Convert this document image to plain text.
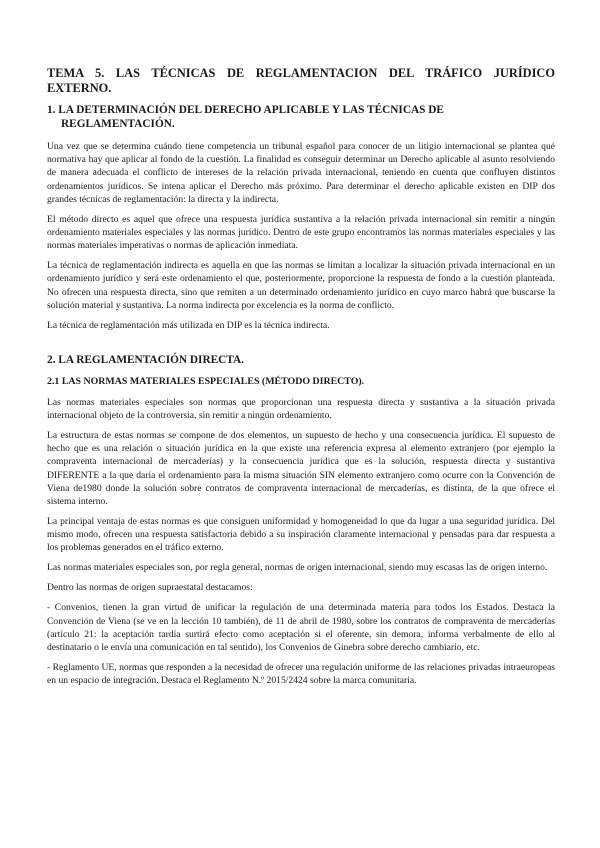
TEMA 5. LAS TÉCNICAS DE REGLAMENTACION DEL TRÁFICO JURÍDICO EXTERNO.
1. LA DETERMINACIÓN DEL DERECHO APLICABLE Y LAS TÉCNICAS DE REGLAMENTACIÓN.

Una vez que se determina cuándo tiene competencia un tribunal español para conocer de un litigio internacional se plantea qué normativa hay que aplicar al fondo de la cuestión. La finalidad es conseguir determinar un Derecho aplicable al asunto resolviendo de manera adecuada el conflicto de intereses de la relación privada internacional, teniendo en cuenta que confluyen distintos ordenamientos jurídicos. Se intena aplicar el Derecho más próximo. Para determinar el derecho aplicable existen en DIP dos grandes técnicas de reglamentación: la directa y la indirecta.

El método directo es aquel que ofrece una respuesta jurídica sustantiva a la relación privada internacional sin remitir a ningún ordenamiento materiales especiales y las normas jurídico. Dentro de este grupo encontramos las normas materiales especiales y las normas materiales imperativas o normas de aplicación inmediata.

La técnica de reglamentación indirecta es aquella en que las normas se limitan a localizar la situación privada internacional en un ordenamiento jurídico y será este ordenamiento el que, posteriormente, proporcione la respuesta de fondo a la cuestión planteada. No ofrecen una respuesta directa, sino que remiten a un determinado ordenamiento jurídico en cuyo marco habrá que buscarse la solución material y sustantiva. La norma indirecta por excelencia es la norma de conflicto.

La técnica de reglamentación más utilizada en DIP es la técnica indirecta.

2. LA REGLAMENTACIÓN DIRECTA.
2.1 LAS NORMAS MATERIALES ESPECIALES (MÉTODO DIRECTO).

Las normas materiales especiales son normas que proporcionan una respuesta directa y sustantiva a la situación privada internacional objeto de la controversia, sin remitir a ningún ordenamiento.

La estructura de estas normas se compone de dos elementos, un supuesto de hecho y una consecuencia jurídica. El supuesto de hecho que es una relación o situación jurídica en la que existe una referencia expresa al elemento extranjero (por ejemplo la compraventa internacional de mercaderías) y la consecuencia jurídica que es la solución, respuesta directa y sustantiva DIFERENTE a la que daría el ordenamiento para la misma situación SIN elemento extranjero como ocurre con la Convención de Viena de1980 donde la solución sobre contratos de compraventa internacional de mercaderías, es distinta, de la que ofrece el sistema interno.

La principal ventaja de estas normas es que consiguen uniformidad y homogeneidad lo que da lugar a una seguridad jurídica. Del mismo modo, ofrecen una respuesta satisfactoria debido a su inspiración claramente internacional y pensadas para dar respuesta a los problemas generados en el tráfico externo.

Las normas materiales especiales son, por regla general, normas de origen internacional, siendo muy escasas las de origen interno.

Dentro las normas de origen supraestatal destacamos:

- Convenios, tienen la gran virtud de unificar la regulación de una determinada materia para todos los Estados. Destaca la Convención de Viena (se ve en la lección 10 también), de 11 de abril de 1980, sobre los contratos de compraventa de mercaderías (artículo 21: la aceptación tardía surtirá efecto como aceptación si el oferente, sin demora, informa verbalmente de ello al destinatario o le envía una comunicación en tal sentido), los Convenios de Ginebra sobre derecho cambiario, etc.

- Reglamento UE, normas que responden a la necesidad de ofrecer una regulación uniforme de las relaciones privadas intraeuropeas en un espacio de integración. Destaca el Reglamento N.º 2015/2424 sobre la marca comunitaria.
